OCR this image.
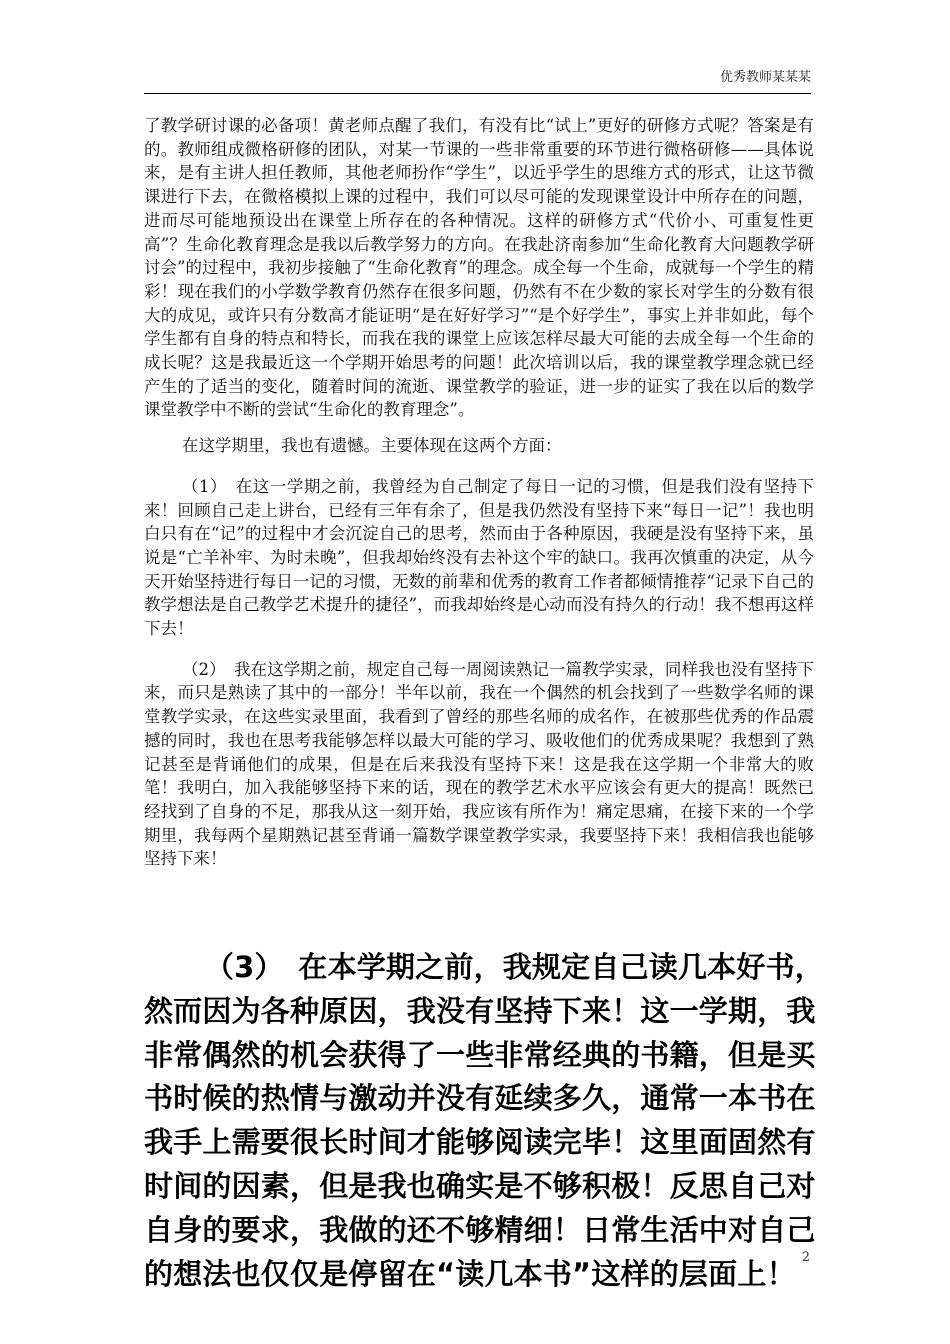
优秀教师某某某

了教学研讨课的必备项！黄老师点醒了我们，有没有比“试上”更好的研修方式呢？答案是有的。教师组成微格研修的团队，对某一节课的一些非常重要的环节进行微格研修——具体说来，是有主讲人担任教师，其他老师扮作“学生”，以近乎学生的思维方式的形式，让这节微课进行下去，在微格模拟上课的过程中，我们可以尽可能的发现课堂设计中所存在的问题，进而尽可能地预设出在课堂上所存在的各种情况。这样的研修方式“代价小、可重复性更高”？生命化教育理念是我以后教学努力的方向。在我赴济南参加“生命化教育大问题教学研讨会”的过程中，我初步接触了“生命化教育”的理念。成全每一个生命，成就每一个学生的精彩！现在我们的小学数学教育仍然存在很多问题，仍然有不在少数的家长对学生的分数有很大的成见，或许只有分数高才能证明“是在好好学习”“是个好学生”，事实上并非如此，每个学生都有自身的特点和特长，而我在我的课堂上应该怎样尽最大可能的去成全每一个生命的成长呢？这是我最近这一个学期开始思考的问题！此次培训以后，我的课堂教学理念就已经产生的了适当的变化，随着时间的流逝、课堂教学的验证，进一步的证实了我在以后的数学课堂教学中不断的尝试“生命化的教育理念”。

在这学期里，我也有遗憾。主要体现在这两个方面：

（1）　在这一学期之前，我曾经为自己制定了每日一记的习惯，但是我们没有坚持下来！回顾自己走上讲台，已经有三年有余了，但是我仍然没有坚持下来“每日一记”！我也明白只有在“记”的过程中才会沉淀自己的思考，然而由于各种原因，我硬是没有坚持下来，虽说是“亡羊补牢、为时未晚”，但我却始终没有去补这个牢的缺口。我再次慎重的决定，从今天开始坚持进行每日一记的习惯，无数的前辈和优秀的教育工作者都倾情推荐“记录下自己的教学想法是自己教学艺术提升的捷径”，而我却始终是心动而没有持久的行动！我不想再这样下去！

（2）　我在这学期之前，规定自己每一周阅读熟记一篇教学实录，同样我也没有坚持下来，而只是熟读了其中的一部分！半年以前，我在一个偶然的机会找到了一些数学名师的课堂教学实录，在这些实录里面，我看到了曾经的那些名师的成名作，在被那些优秀的作品震撼的同时，我也在思考我能够怎样以最大可能的学习、吸收他们的优秀成果呢？我想到了熟记甚至是背诵他们的成果，但是在后来我没有坚持下来！这是我在这学期一个非常大的败笔！我明白，加入我能够坚持下来的话，现在的教学艺术水平应该会有更大的提高！既然已经找到了自身的不足，那我从这一刻开始，我应该有所作为！痛定思痛，在接下来的一个学期里，我每两个星期熟记甚至背诵一篇数学课堂教学实录，我要坚持下来！我相信我也能够坚持下来！

（3）　在本学期之前，我规定自己读几本好书，然而因为各种原因，我没有坚持下来！这一学期，我非常偶然的机会获得了一些非常经典的书籍，但是买书时候的热情与激动并没有延续多久，通常一本书在我手上需要很长时间才能够阅读完毕！这里面固然有时间的因素，但是我也确实是不够积极！反思自己对自身的要求，我做的还不够精细！日常生活中对自己的想法也仅仅是停留在“读几本书”这样的层面上！ 2
